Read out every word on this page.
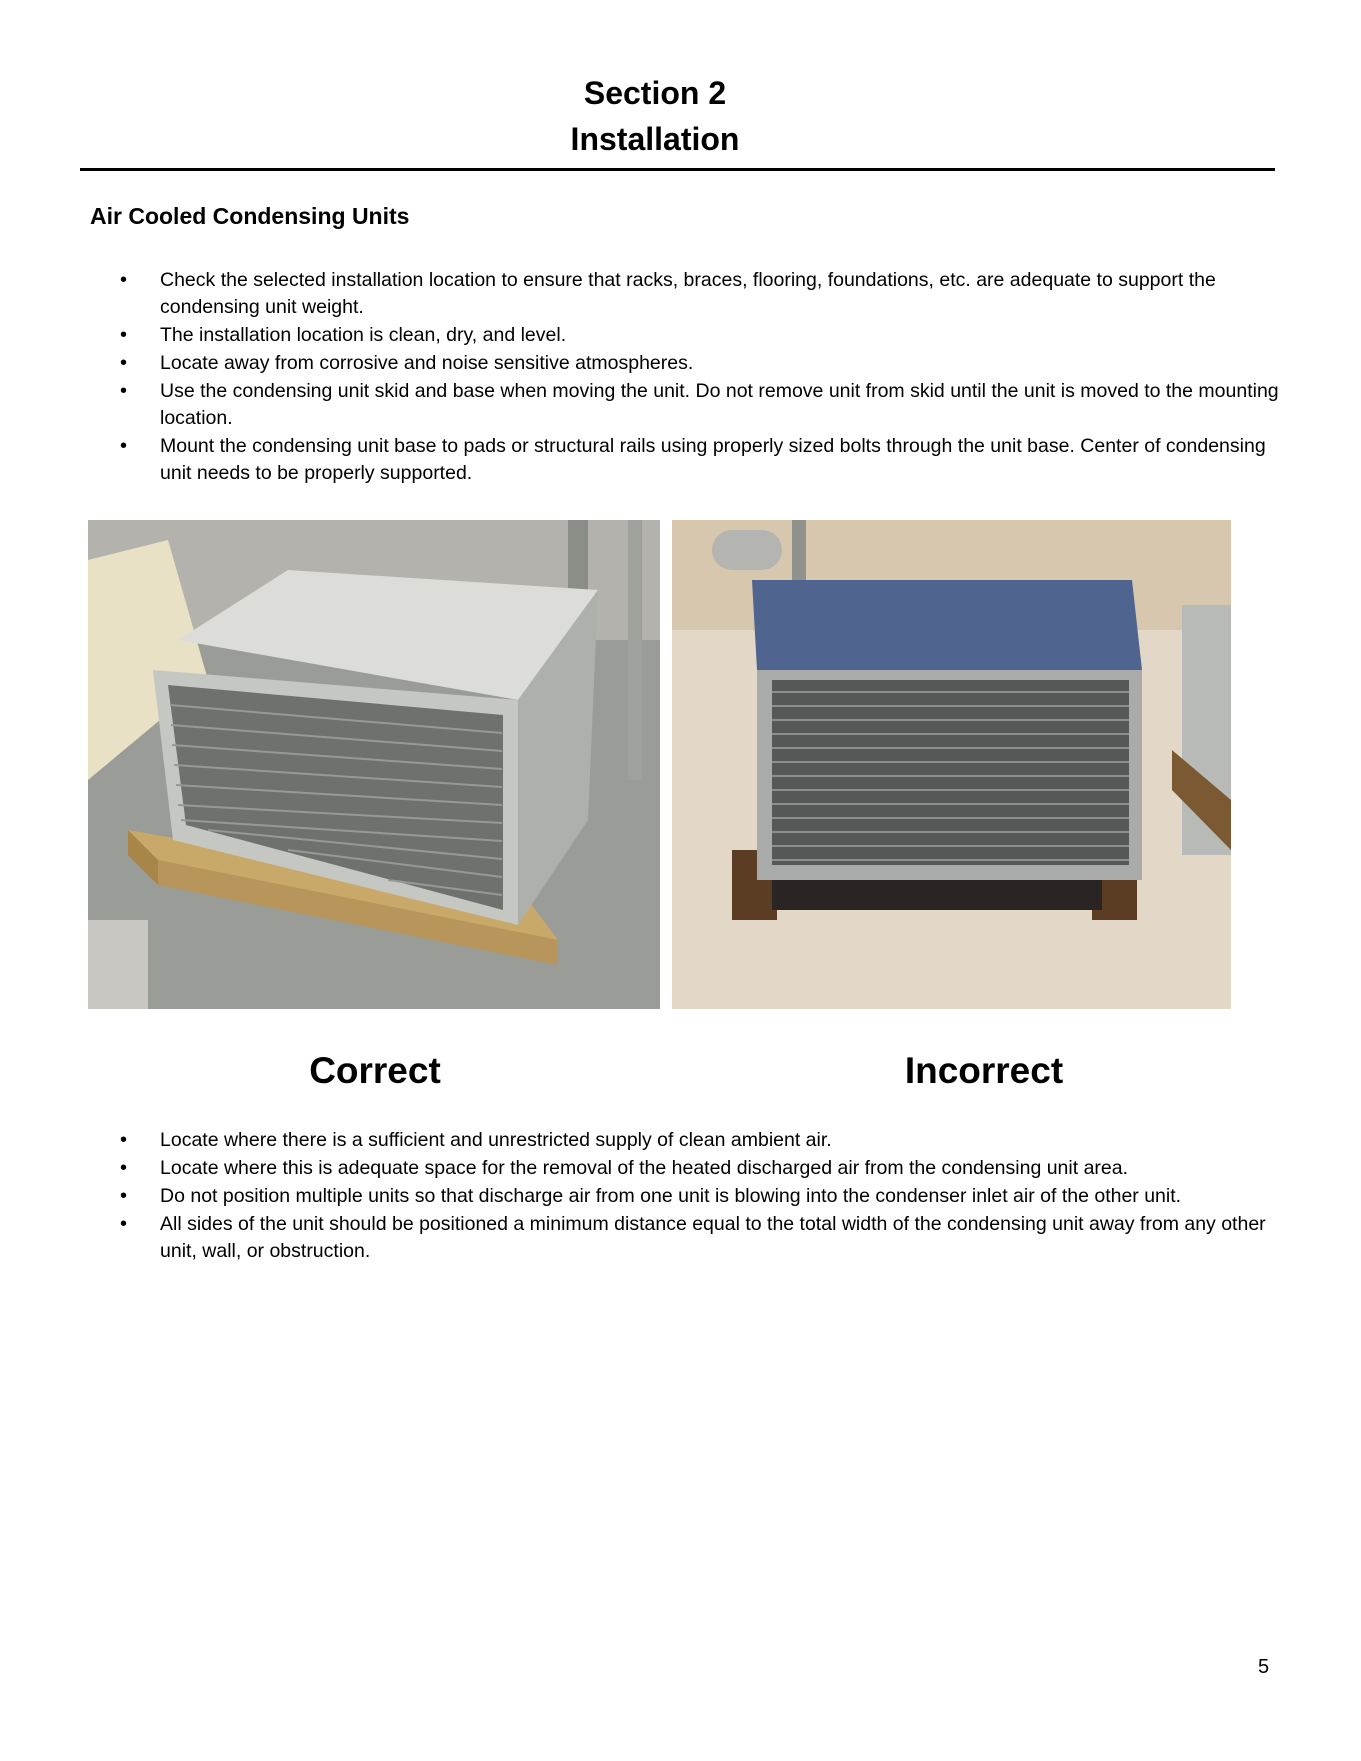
Section 2
Installation
Air Cooled Condensing Units
• Check the selected installation location to ensure that racks, braces, flooring, foundations, etc. are adequate to support the condensing unit weight.
• The installation location is clean, dry, and level.
• Locate away from corrosive and noise sensitive atmospheres.
• Use the condensing unit skid and base when moving the unit. Do not remove unit from skid until the unit is moved to the mounting location.
• Mount the condensing unit base to pads or structural rails using properly sized bolts through the unit base. Center of condensing unit needs to be properly supported.
Correct	Incorrect
• Locate where there is a sufficient and unrestricted supply of clean ambient air.
• Locate where this is adequate space for the removal of the heated discharged air from the condensing unit area.
• Do not position multiple units so that discharge air from one unit is blowing into the condenser inlet air of the other unit.
• All sides of the unit should be positioned a minimum distance equal to the total width of the condensing unit away from any other unit, wall, or obstruction.
5
